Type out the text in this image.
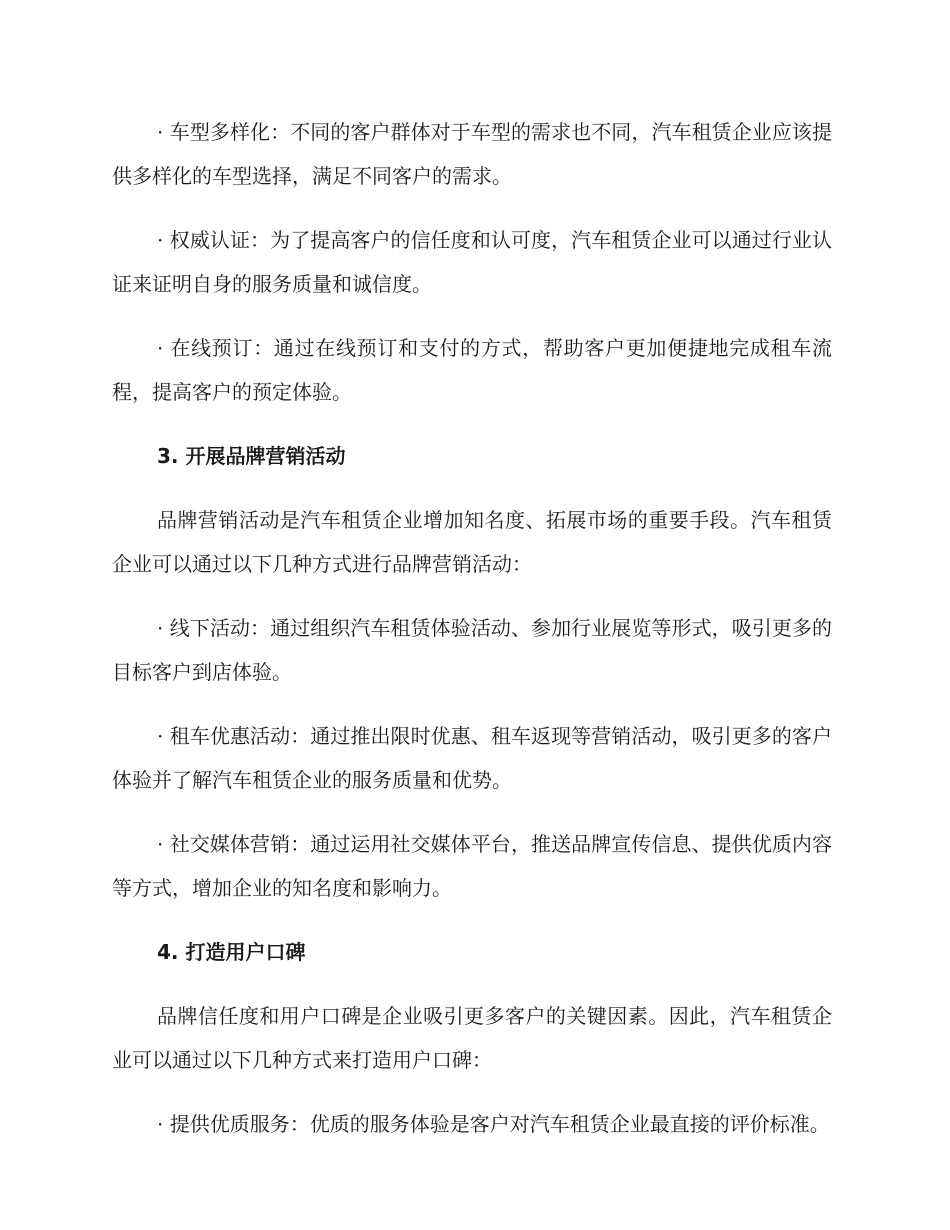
· 车型多样化：不同的客户群体对于车型的需求也不同，汽车租赁企业应该提供多样化的车型选择，满足不同客户的需求。

· 权威认证：为了提高客户的信任度和认可度，汽车租赁企业可以通过行业认证来证明自身的服务质量和诚信度。

· 在线预订：通过在线预订和支付的方式，帮助客户更加便捷地完成租车流程，提高客户的预定体验。

3. 开展品牌营销活动

品牌营销活动是汽车租赁企业增加知名度、拓展市场的重要手段。汽车租赁企业可以通过以下几种方式进行品牌营销活动：

· 线下活动：通过组织汽车租赁体验活动、参加行业展览等形式，吸引更多的目标客户到店体验。

· 租车优惠活动：通过推出限时优惠、租车返现等营销活动，吸引更多的客户体验并了解汽车租赁企业的服务质量和优势。

· 社交媒体营销：通过运用社交媒体平台，推送品牌宣传信息、提供优质内容等方式，增加企业的知名度和影响力。

4. 打造用户口碑

品牌信任度和用户口碑是企业吸引更多客户的关键因素。因此，汽车租赁企业可以通过以下几种方式来打造用户口碑：

· 提供优质服务：优质的服务体验是客户对汽车租赁企业最直接的评价标准。
